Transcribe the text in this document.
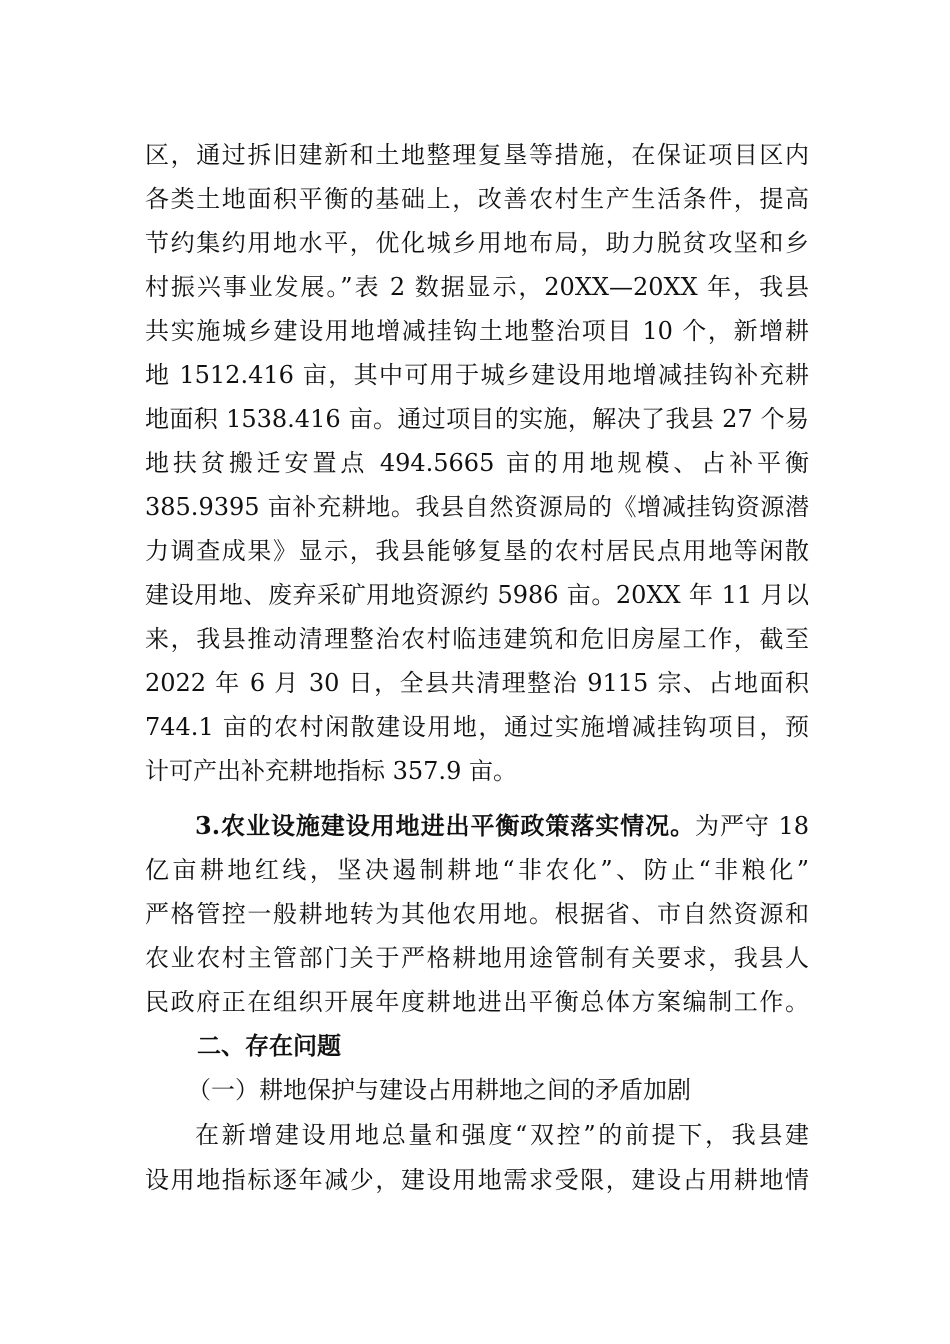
区，通过拆旧建新和土地整理复垦等措施，在保证项目区内
各类土地面积平衡的基础上，改善农村生产生活条件，提高
节约集约用地水平，优化城乡用地布局，助力脱贫攻坚和乡
村振兴事业发展。”表 2 数据显示，20XX—20XX 年，我县
共实施城乡建设用地增减挂钩土地整治项目 10 个，新增耕
地 1512.416 亩，其中可用于城乡建设用地增减挂钩补充耕
地面积 1538.416 亩。通过项目的实施，解决了我县 27 个易
地扶贫搬迁安置点 494.5665 亩的用地规模、占补平衡
385.9395 亩补充耕地。我县自然资源局的《增减挂钩资源潜
力调查成果》显示，我县能够复垦的农村居民点用地等闲散
建设用地、废弃采矿用地资源约 5986 亩。20XX 年 11 月以
来，我县推动清理整治农村临违建筑和危旧房屋工作，截至
2022 年 6 月 30 日，全县共清理整治 9115 宗、占地面积
744.1 亩的农村闲散建设用地，通过实施增减挂钩项目，预
计可产出补充耕地指标 357.9 亩。
3.农业设施建设用地进出平衡政策落实情况。为严守 18
亿亩耕地红线，坚决遏制耕地“非农化”、防止“非粮化”
严格管控一般耕地转为其他农用地。根据省、市自然资源和
农业农村主管部门关于严格耕地用途管制有关要求，我县人
民政府正在组织开展年度耕地进出平衡总体方案编制工作。
二、存在问题
（一）耕地保护与建设占用耕地之间的矛盾加剧
在新增建设用地总量和强度“双控”的前提下，我县建
设用地指标逐年减少，建设用地需求受限，建设占用耕地情
